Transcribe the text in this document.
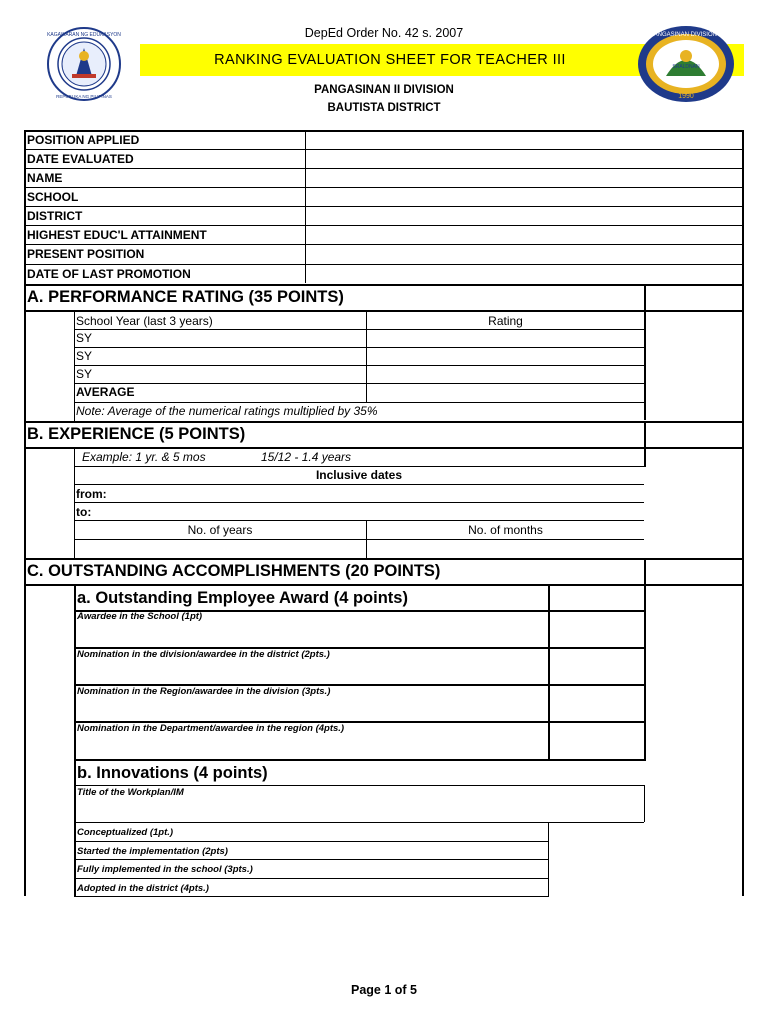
KAGAWARAN NG EDUKASYON
REPUBLIKA NG PILIPINAS
DepEd Order No. 42 s. 2007
RANKING EVALUATION SHEET FOR TEACHER III
PANGASINAN II DIVISION
BAUTISTA DISTRICT
PANGASINAN DIVISION II
SRALDNAN
1990
POSITION APPLIED
DATE EVALUATED
NAME
SCHOOL
DISTRICT
HIGHEST EDUC'L ATTAINMENT
PRESENT POSITION
DATE OF LAST PROMOTION
A. PERFORMANCE RATING (35 POINTS)
School Year (last 3 years)	Rating
SY
SY
SY
AVERAGE
Note: Average of the numerical ratings multiplied by 35%
B. EXPERIENCE (5 POINTS)
Example: 1 yr. & 5 mos	15/12 - 1.4 years
Inclusive dates
from:
to:
No. of years	No. of months
C. OUTSTANDING ACCOMPLISHMENTS (20 POINTS)
a. Outstanding Employee Award (4 points)
Awardee in the School (1pt)
Nomination in the division/awardee in the district (2pts.)
Nomination in the Region/awardee in the division (3pts.)
Nomination in the Department/awardee in the region (4pts.)
b. Innovations (4 points)
Title of the Workplan/IM
Conceptualized (1pt.)
Started the implementation (2pts)
Fully implemented in the school (3pts.)
Adopted in the district (4pts.)
Page 1 of 5
